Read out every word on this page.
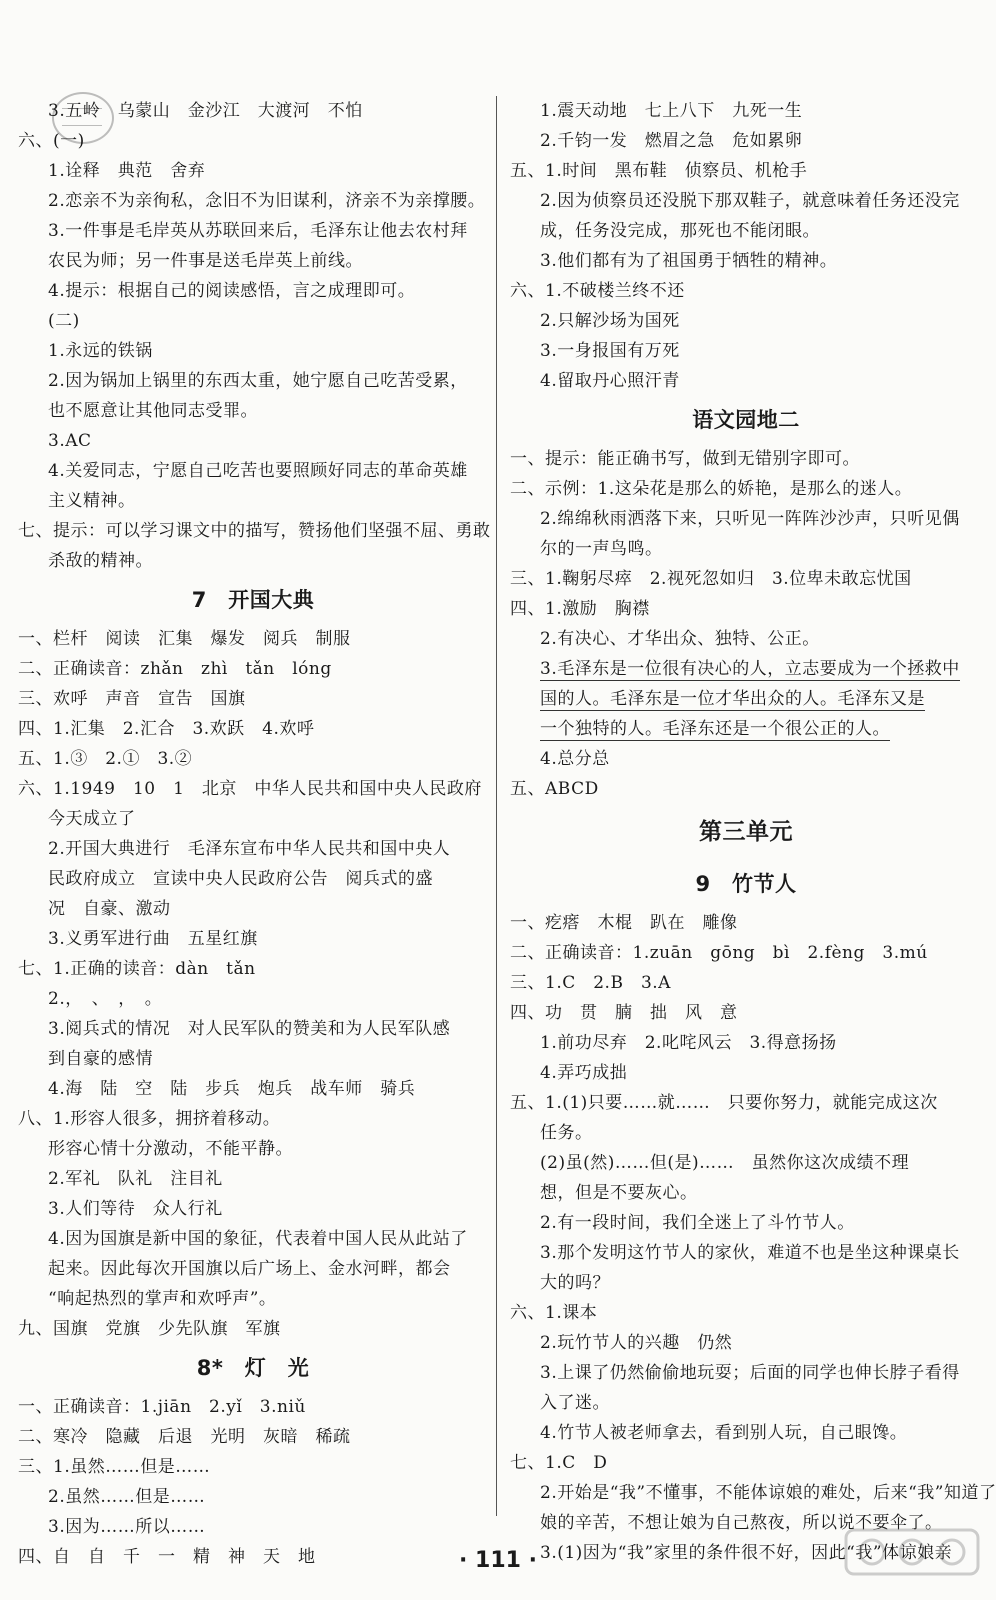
3.五岭　乌蒙山　金沙江　大渡河　不怕
六、(一)
1.诠释　典范　舍弃
2.恋亲不为亲徇私，念旧不为旧谋利，济亲不为亲撑腰。
3.一件事是毛岸英从苏联回来后，毛泽东让他去农村拜
农民为师；另一件事是送毛岸英上前线。
4.提示：根据自己的阅读感悟，言之成理即可。
(二)
1.永远的铁锅
2.因为锅加上锅里的东西太重，她宁愿自己吃苦受累，
也不愿意让其他同志受罪。
3.AC
4.关爱同志，宁愿自己吃苦也要照顾好同志的革命英雄
主义精神。
七、提示：可以学习课文中的描写，赞扬他们坚强不屈、勇敢
杀敌的精神。
7　开国大典
一、栏杆　阅读　汇集　爆发　阅兵　制服
二、正确读音：zhǎn　zhì　tǎn　lóng
三、欢呼　声音　宣告　国旗
四、1.汇集　2.汇合　3.欢跃　4.欢呼
五、1.③　2.①　3.②
六、1.1949　10　1　北京　中华人民共和国中央人民政府
今天成立了
2.开国大典进行　毛泽东宣布中华人民共和国中央人
民政府成立　宣读中央人民政府公告　阅兵式的盛
况　自豪、激动
3.义勇军进行曲　五星红旗
七、1.正确的读音：dàn　tǎn
2.，　、　，　。
3.阅兵式的情况　对人民军队的赞美和为人民军队感
到自豪的感情
4.海　陆　空　陆　步兵　炮兵　战车师　骑兵
八、1.形容人很多，拥挤着移动。
形容心情十分激动，不能平静。
2.军礼　队礼　注目礼
3.人们等待　众人行礼
4.因为国旗是新中国的象征，代表着中国人民从此站了
起来。因此每次开国旗以后广场上、金水河畔，都会
“响起热烈的掌声和欢呼声”。
九、国旗　党旗　少先队旗　军旗
8*　灯　光
一、正确读音：1.jiān　2.yǐ　3.niǔ
二、寒冷　隐藏　后退　光明　灰暗　稀疏
三、1.虽然……但是……
2.虽然……但是……
3.因为……所以……
四、自　自　千　一　精　神　天　地
1.震天动地　七上八下　九死一生
2.千钧一发　燃眉之急　危如累卵
五、1.时间　黑布鞋　侦察员、机枪手
2.因为侦察员还没脱下那双鞋子，就意味着任务还没完
成，任务没完成，那死也不能闭眼。
3.他们都有为了祖国勇于牺牲的精神。
六、1.不破楼兰终不还
2.只解沙场为国死
3.一身报国有万死
4.留取丹心照汗青
语文园地二
一、提示：能正确书写，做到无错别字即可。
二、示例：1.这朵花是那么的娇艳，是那么的迷人。
2.绵绵秋雨洒落下来，只听见一阵阵沙沙声，只听见偶
尔的一声鸟鸣。
三、1.鞠躬尽瘁　2.视死忽如归　3.位卑未敢忘忧国
四、1.激励　胸襟
2.有决心、才华出众、独特、公正。
3.毛泽东是一位很有决心的人，立志要成为一个拯救中
国的人。毛泽东是一位才华出众的人。毛泽东又是
一个独特的人。毛泽东还是一个很公正的人。
4.总分总
五、ABCD
第三单元
9　竹节人
一、疙瘩　木棍　趴在　雕像
二、正确读音：1.zuān　gōng　bì　2.fèng　3.mú
三、1.C　2.B　3.A
四、功　贯　腩　拙　风　意
1.前功尽弃　2.叱咤风云　3.得意扬扬
4.弄巧成拙
五、1.(1)只要……就……　只要你努力，就能完成这次
任务。
(2)虽(然)……但(是)……　虽然你这次成绩不理
想，但是不要灰心。
2.有一段时间，我们全迷上了斗竹节人。
3.那个发明这竹节人的家伙，难道不也是坐这种课桌长
大的吗？
六、1.课本
2.玩竹节人的兴趣　仍然
3.上课了仍然偷偷地玩耍；后面的同学也伸长脖子看得
入了迷。
4.竹节人被老师拿去，看到别人玩，自己眼馋。
七、1.C　D
2.开始是“我”不懂事，不能体谅娘的难处，后来“我”知道了
娘的辛苦，不想让娘为自己熬夜，所以说不要伞了。
3.(1)因为“我”家里的条件很不好，因此“我”体谅娘亲
· 111 ·
